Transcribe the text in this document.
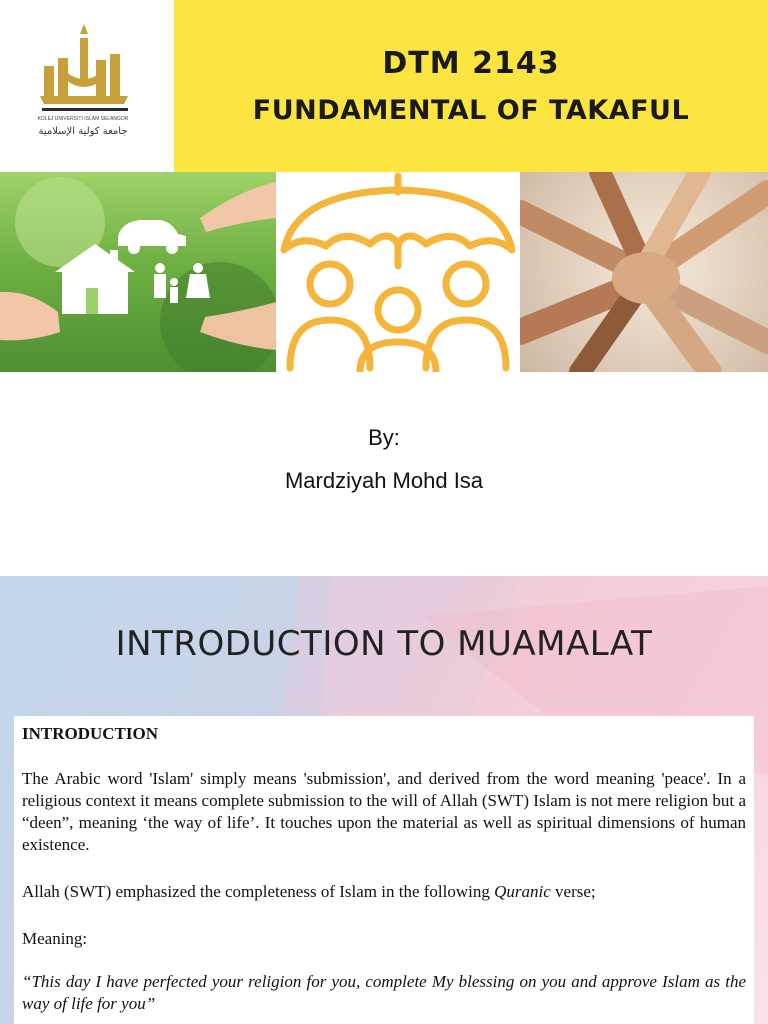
KOLEJ UNIVERSITI ISLAM SELANGOR
جامعة كولية الإسلامية
DTM 2143
FUNDAMENTAL OF TAKAFUL
By:
Mardziyah Mohd Isa
INTRODUCTION TO MUAMALAT
INTRODUCTION
The Arabic word 'Islam' simply means 'submission', and derived from the word meaning 'peace'. In a religious context it means complete submission to the will of Allah (SWT) Islam is not mere religion but a “deen”, meaning ‘the way of life’. It touches upon the material as well as spiritual dimensions of human existence.
Allah (SWT) emphasized the completeness of Islam in the following Quranic verse;
Meaning:
“This day I have perfected your religion for you, complete My blessing on you and approve Islam as the way of life for you”
